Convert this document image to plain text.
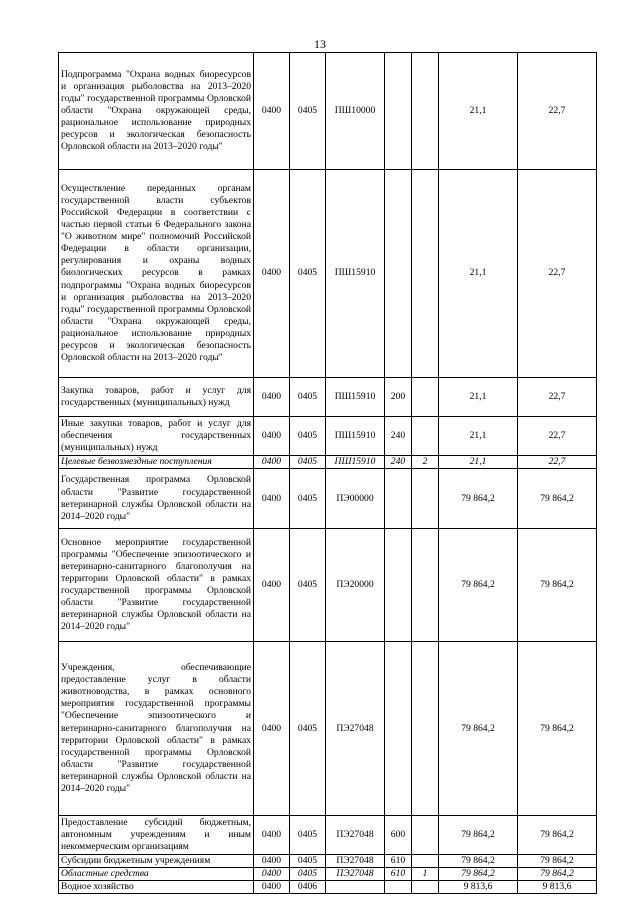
13
Подпрограмма "Охрана водных биоресурсов и организация рыболовства на 2013–2020 годы" государственной программы Орловской области "Охрана окружающей среды, рациональное использование природных ресурсов и экологическая безопасность Орловской области на 2013–2020 годы"	0400	0405	ПШ10000			21,1	22,7
Осуществление переданных органам государственной власти субъектов Российской Федерации в соответствии с частью первой статьи 6 Федерального закона "О животном мире" полномочий Российской Федерации в области организации, регулирования и охраны водных биологических ресурсов в рамках подпрограммы "Охрана водных биоресурсов и организация рыболовства на 2013–2020 годы" государственной программы Орловской области "Охрана окружающей среды, рациональное использование природных ресурсов и экологическая безопасность Орловской области на 2013–2020 годы"	0400	0405	ПШ15910			21,1	22,7
Закупка товаров, работ и услуг для государственных (муниципальных) нужд	0400	0405	ПШ15910	200		21,1	22,7
Иные закупки товаров, работ и услуг для обеспечения государственных (муниципальных) нужд	0400	0405	ПШ15910	240		21,1	22,7
Целевые безвозмездные поступления	0400	0405	ПШ15910	240	2	21,1	22,7
Государственная программа Орловской области "Развитие государственной ветеринарной службы Орловской области на 2014–2020 годы"	0400	0405	ПЭ00000			79 864,2	79 864,2
Основное мероприятие государственной программы "Обеспечение эпизоотического и ветеринарно-санитарного благополучия на территории Орловской области" в рамках государственной программы Орловской области "Развитие государственной ветеринарной службы Орловской области на 2014–2020 годы"	0400	0405	ПЭ20000			79 864,2	79 864,2
Учреждения, обеспечивающие предоставление услуг в области животноводства, в рамках основного мероприятия государственной программы "Обеспечение эпизоотического и ветеринарно-санитарного благополучия на территории Орловской области" в рамках государственной программы Орловской области "Развитие государственной ветеринарной службы Орловской области на 2014–2020 годы"	0400	0405	ПЭ27048			79 864,2	79 864,2
Предоставление субсидий бюджетным, автономным учреждениям и иным некоммерческим организациям	0400	0405	ПЭ27048	600		79 864,2	79 864,2
Субсидии бюджетным учреждениям	0400	0405	ПЭ27048	610		79 864,2	79 864,2
Областные средства	0400	0405	ПЭ27048	610	1	79 864,2	79 864,2
Водное хозяйство	0400	0406				9 813,6	9 813,6
